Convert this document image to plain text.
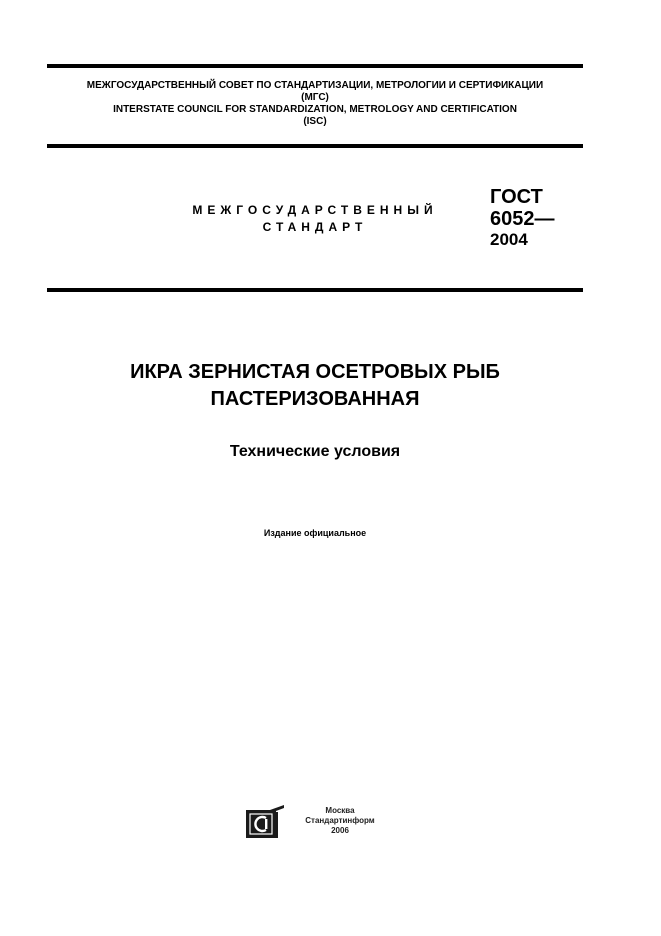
МЕЖГОСУДАРСТВЕННЫЙ СОВЕТ ПО СТАНДАРТИЗАЦИИ, МЕТРОЛОГИИ И СЕРТИФИКАЦИИ
(МГС)
INTERSTATE COUNCIL FOR STANDARDIZATION, METROLOGY AND CERTIFICATION
(ISC)
МЕЖГОСУДАРСТВЕННЫЙ
СТАНДАРТ
ГОСТ
6052—
2004
ИКРА ЗЕРНИСТАЯ ОСЕТРОВЫХ РЫБ
ПАСТЕРИЗОВАННАЯ
Технические условия
Издание официальное
Москва
Стандартинформ
2006
